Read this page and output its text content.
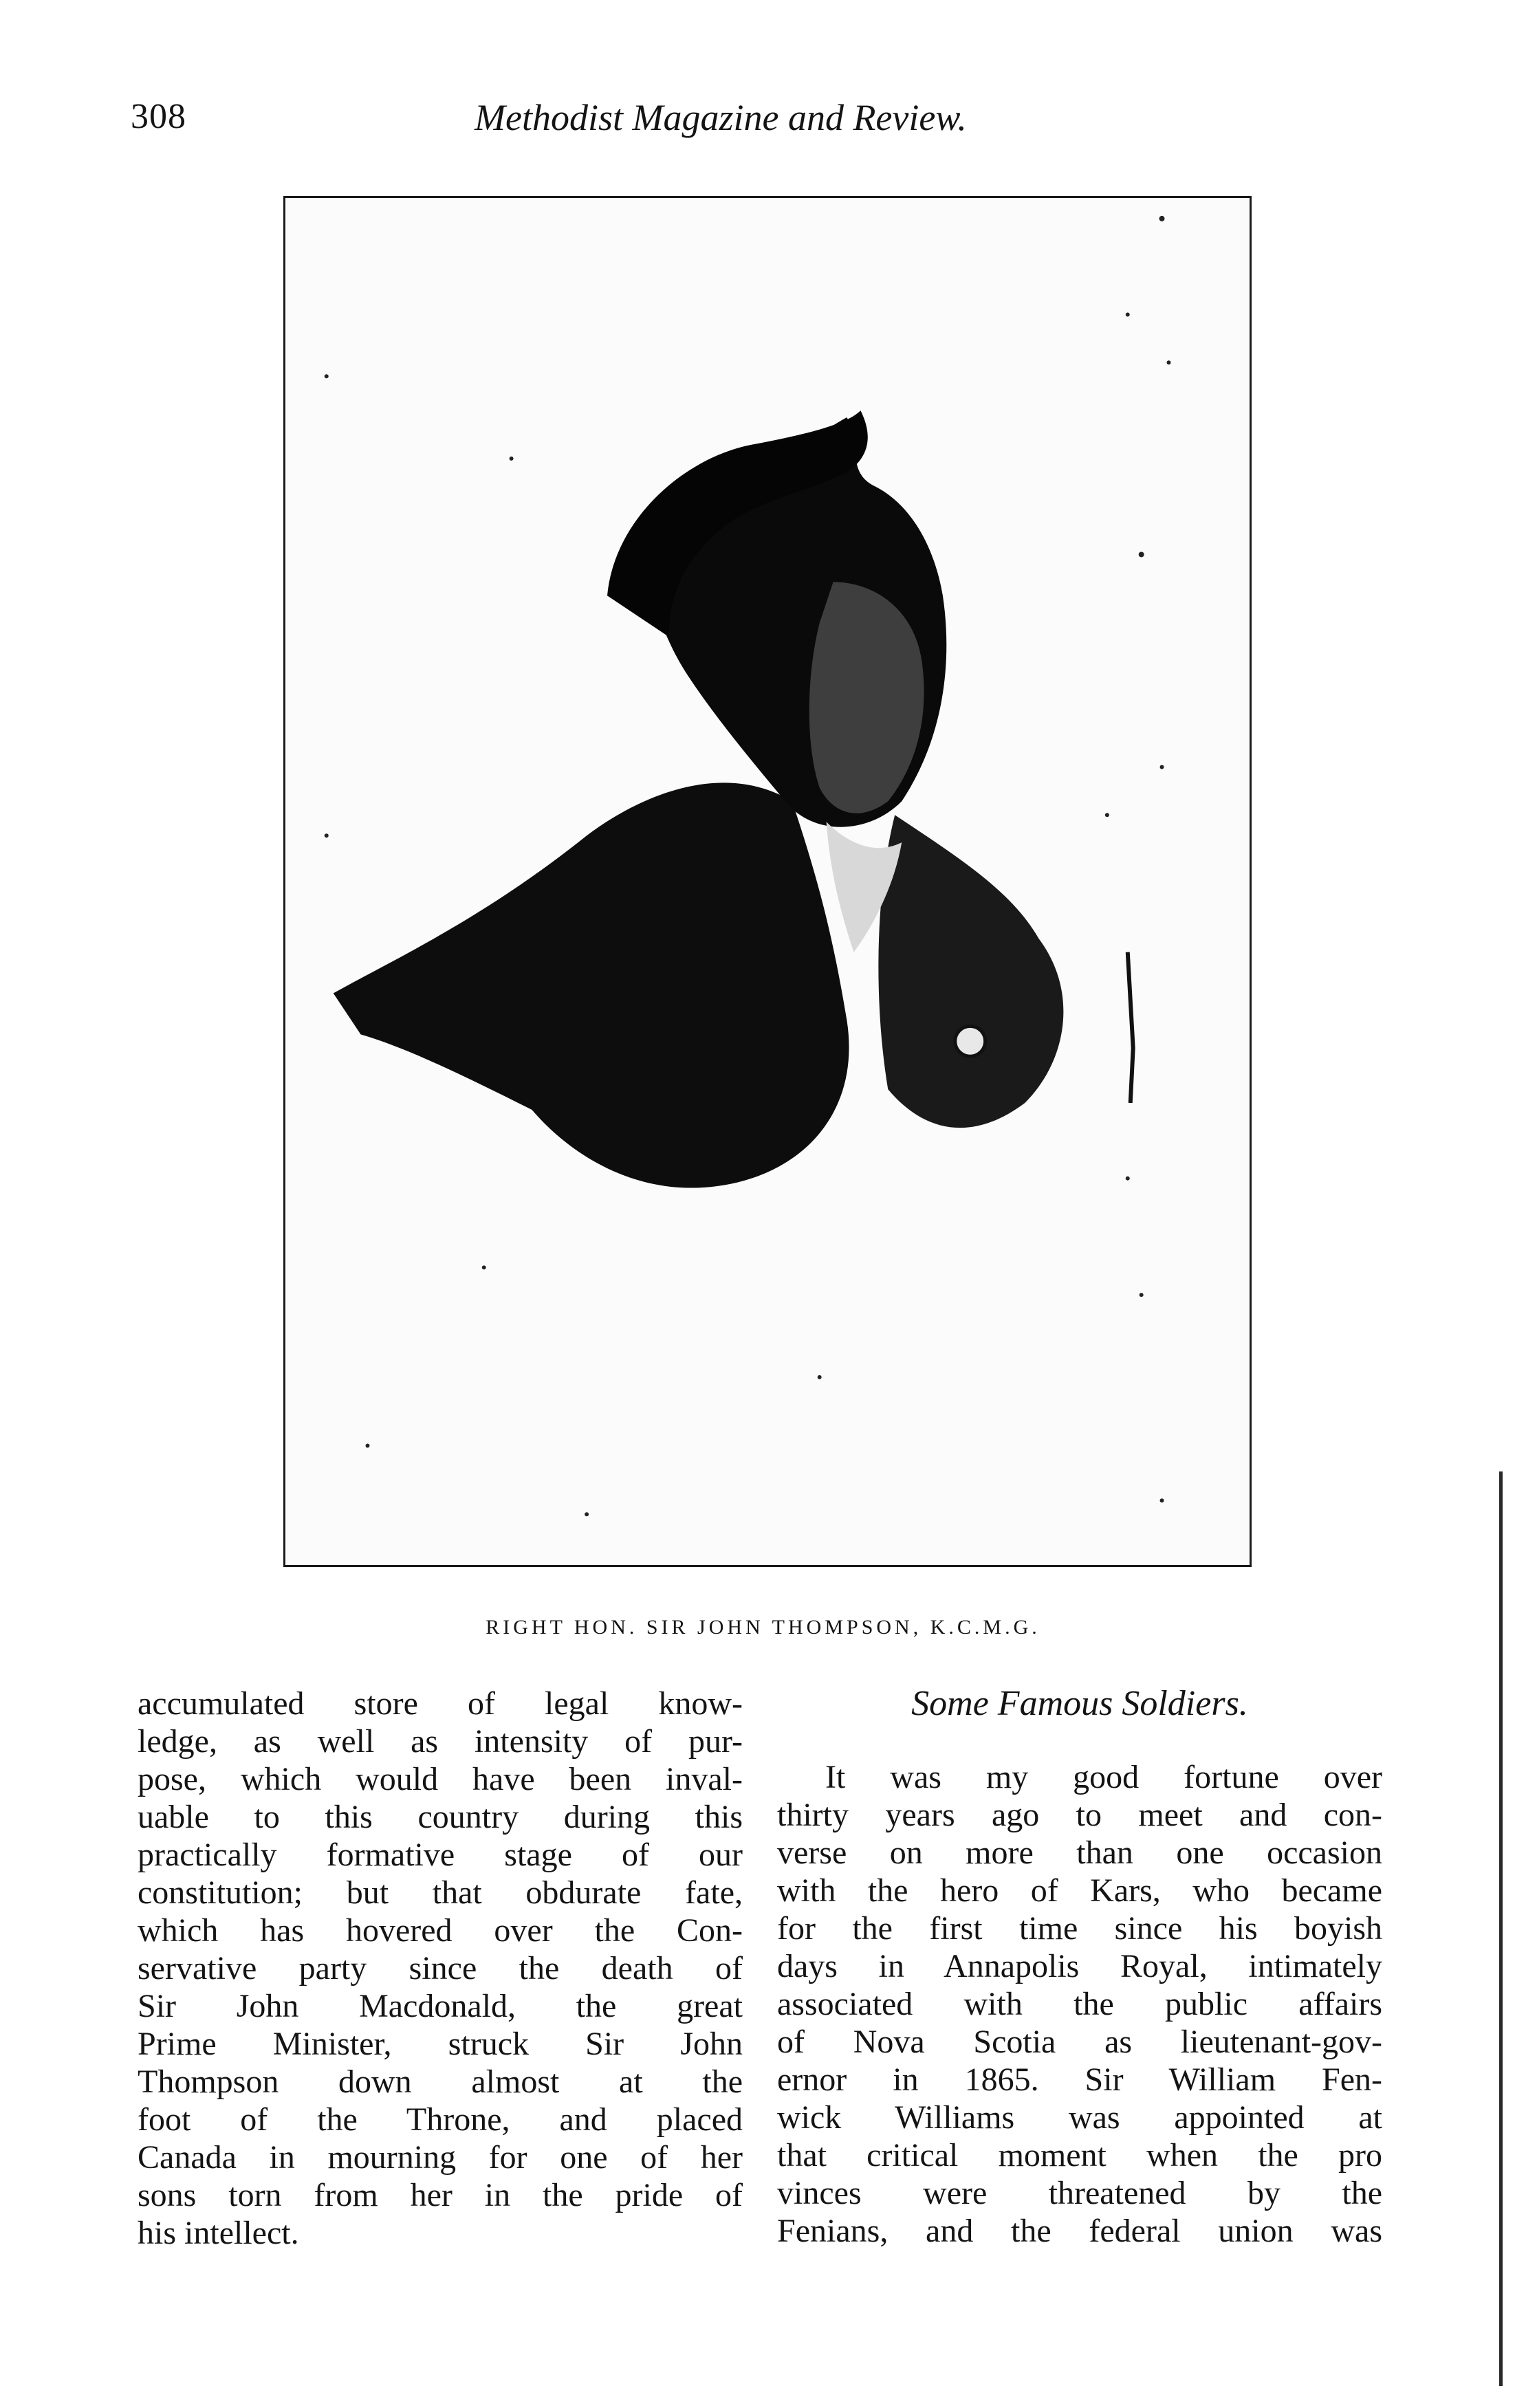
308	Methodist Magazine and Review.
RIGHT HON. SIR JOHN THOMPSON, K.C.M.G.
accumulated store of legal know-
ledge, as well as intensity of pur-
pose, which would have been inval-
uable to this country during this
practically formative stage of our
constitution; but that obdurate fate,
which has hovered over the Con-
servative party since the death of
Sir John Macdonald, the great
Prime Minister, struck Sir John
Thompson down almost at the
foot of the Throne, and placed
Canada in mourning for one of her
sons torn from her in the pride of
his intellect.
Some Famous Soldiers.
It was my good fortune over
thirty years ago to meet and con-
verse on more than one occasion
with the hero of Kars, who became
for the first time since his boyish
days in Annapolis Royal, intimately
associated with the public affairs
of Nova Scotia as lieutenant-gov-
ernor in 1865. Sir William Fen-
wick Williams was appointed at
that critical moment when the pro
vinces were threatened by the
Fenians, and the federal union was
